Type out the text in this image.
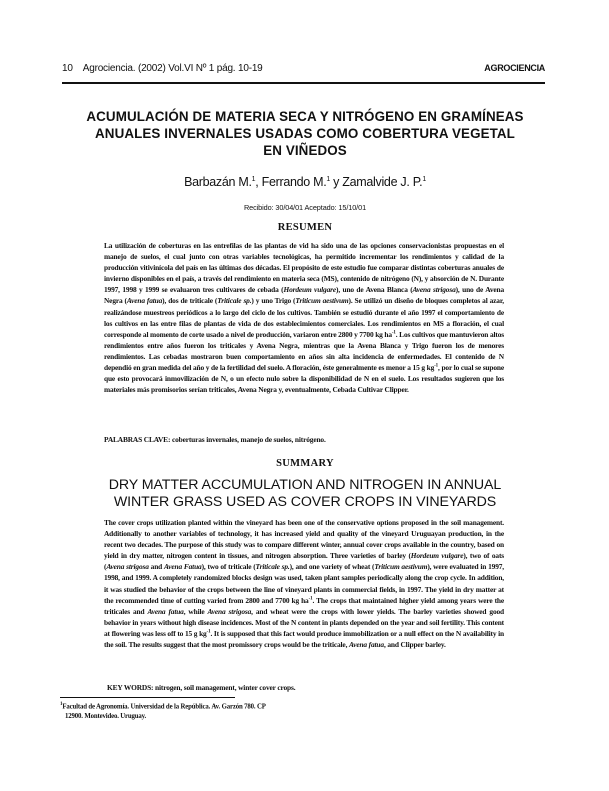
10 Agrociencia. (2002) Vol.VI Nº 1 pág. 10-19	AGROCIENCIA
ACUMULACIÓN DE MATERIA SECA Y NITRÓGENO EN GRAMÍNEAS
ANUALES INVERNALES USADAS COMO COBERTURA VEGETAL
EN VIÑEDOS
Barbazán M.$^1$, Ferrando M.$^1$ y Zamalvide J. P.$^1$
Recibido: 30/04/01 Aceptado: 15/10/01
RESUMEN
La utilización de coberturas en las entrefilas de las plantas de vid ha sido una de las opciones conservacionistas propuestas en el manejo de suelos, el cual junto con otras variables tecnológicas, ha permitido incrementar los rendimientos y calidad de la producción vitivinícola del país en las últimas dos décadas. El propósito de este estudio fue comparar distintas coberturas anuales de invierno disponibles en el país, a través del rendimiento en materia seca (MS), contenido de nitrógeno (N), y absorción de N. Durante 1997, 1998 y 1999 se evaluaron tres cultivares de cebada (Hordeum vulgare), uno de Avena Blanca (Avena strigosa), uno de Avena Negra (Avena fatua), dos de triticale (Triticale sp.) y uno Trigo (Triticum aestivum). Se utilizó un diseño de bloques completos al azar, realizándose muestreos periódicos a lo largo del ciclo de los cultivos. También se estudió durante el año 1997 el comportamiento de los cultivos en las entre filas de plantas de vida de dos establecimientos comerciales. Los rendimientos en MS a floración, el cual corresponde al momento de corte usado a nivel de producción, variaron entre 2800 y 7700 kg $ha^{-1}$. Los cultivos que mantuvieron altos rendimientos entre años fueron los triticales y Avena Negra, mientras que la Avena Blanca y Trigo fueron los de menores rendimientos. Las cebadas mostraron buen comportamiento en años sin alta incidencia de enfermedades. El contenido de N dependió en gran medida del año y de la fertilidad del suelo. A floración, éste generalmente es menor a 15 g $kg^{-1}$, por lo cual se supone que esto provocará inmovilización de N, o un efecto nulo sobre la disponibilidad de N en el suelo. Los resultados sugieren que los materiales más promisorios serían triticales, Avena Negra y, eventualmente, Cebada Cultivar Clipper.
PALABRAS CLAVE: coberturas invernales, manejo de suelos, nitrógeno.
SUMMARY
DRY MATTER ACCUMULATION AND NITROGEN IN ANNUAL
WINTER GRASS USED AS COVER CROPS IN VINEYARDS
The cover crops utilization planted within the vineyard has been one of the conservative options proposed in the soil management. Additionally to another variables of technology, it has increased yield and quality of the vineyard Uruguayan production, in the recent two decades. The purpose of this study was to compare different winter, annual cover crops available in the country, based on yield in dry matter, nitrogen content in tissues, and nitrogen absorption. Three varieties of barley (Hordeum vulgare), two of oats (Avena strigosa and Avena Fatua), two of triticale (Triticale sp.), and one variety of wheat (Triticum aestivum), were evaluated in 1997, 1998, and 1999. A completely randomized blocks design was used, taken plant samples periodically along the crop cycle. In addition, it was studied the behavior of the crops between the line of vineyard plants in commercial fields, in 1997. The yield in dry matter at the recommended time of cutting varied from 2800 and 7700 kg $ha^{-1}$. The crops that maintained higher yield among years were the triticales and Avena fatua, while Avena strigosa, and wheat were the crops with lower yields. The barley varieties showed good behavior in years without high disease incidences. Most of the N content in plants depended on the year and soil fertility. This content at flowering was less off to 15 g $kg^{-1}$. It is supposed that this fact would produce immobilization or a null effect on the N availability in the soil. The results suggest that the most promissory crops would be the triticale, Avena fatua, and Clipper barley.
KEY WORDS: nitrogen, soil management, winter cover crops.
$^1$Facultad de Agronomía. Universidad de la República. Av. Garzón 780. CP
12900. Montevideo. Uruguay.
